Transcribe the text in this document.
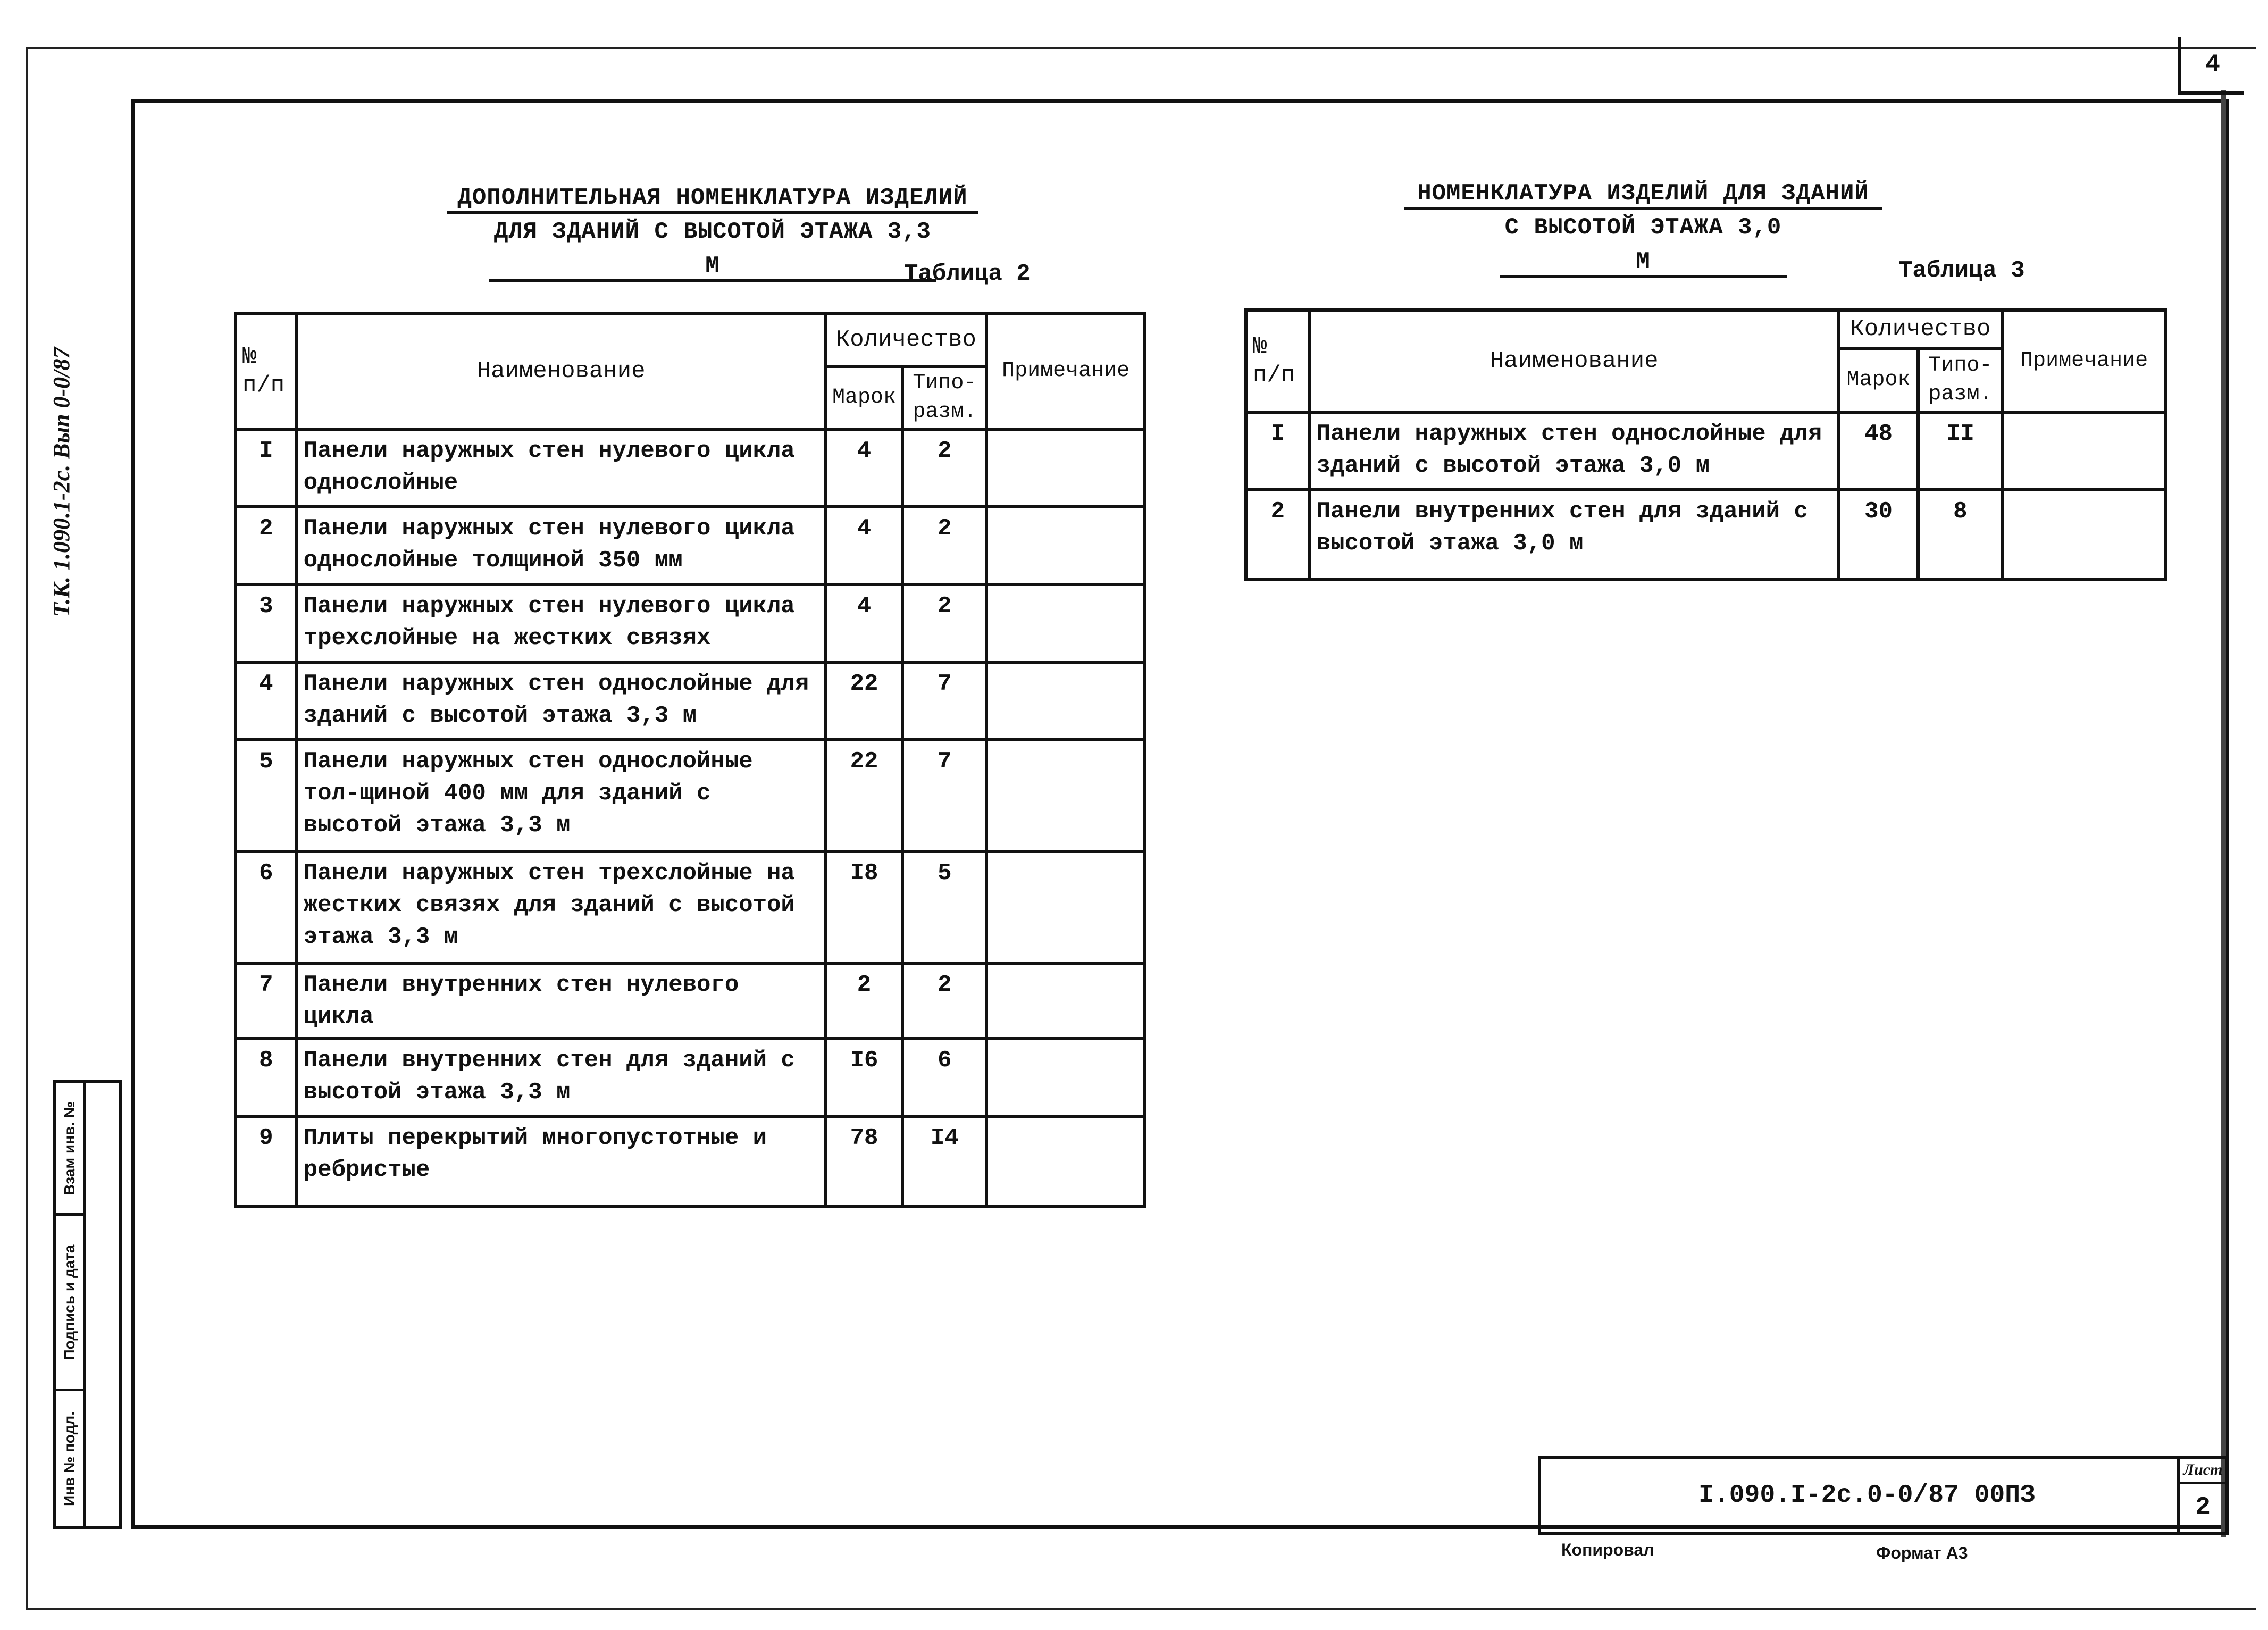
4
Т.К. 1.090.1-2с. Вып 0-0/87
Взам инв. №
Подпись и дата
Инв № подл.
ДОПОЛНИТЕЛЬНАЯ НОМЕНКЛАТУРА ИЗДЕЛИЙ
ДЛЯ ЗДАНИЙ С ВЫСОТОЙ ЭТАЖА 3,3 М	Таблица 2
№ п/п	Наименование	Количество		Примечание
		Марок	Типо- разм.	
I	Панели наружных стен нулевого цикла однослойные	4	2	
2	Панели наружных стен нулевого цикла однослойные толщиной 350 мм	4	2	
3	Панели наружных стен нулевого цикла трехслойные на жестких связях	4	2	
4	Панели наружных стен однослойные для зданий с высотой этажа 3,3 м	22	7	
5	Панели наружных стен однослойные тол-щиной 400 мм для зданий с высотой этажа 3,3 м	22	7	
6	Панели наружных стен трехслойные на жестких связях для зданий с высотой этажа 3,3 м	I8	5	
7	Панели внутренних стен нулевого цикла	2	2	
8	Панели внутренних стен для зданий с высотой этажа 3,3 м	I6	6	
9	Плиты перекрытий многопустотные и ребристые	78	I4	
НОМЕНКЛАТУРА ИЗДЕЛИЙ ДЛЯ ЗДАНИЙ
С ВЫСОТОЙ ЭТАЖА 3,0 М	Таблица 3
№ п/п	Наименование	Количество		Примечание
		Марок	Типо- разм.	
I	Панели наружных стен однослойные для зданий с высотой этажа 3,0 м	48	II	
2	Панели внутренних стен для зданий с высотой этажа 3,0 м	30	8	
I.090.I-2с.0-0/87 00ПЗ
Лист
2
Копировал	Формат А3
